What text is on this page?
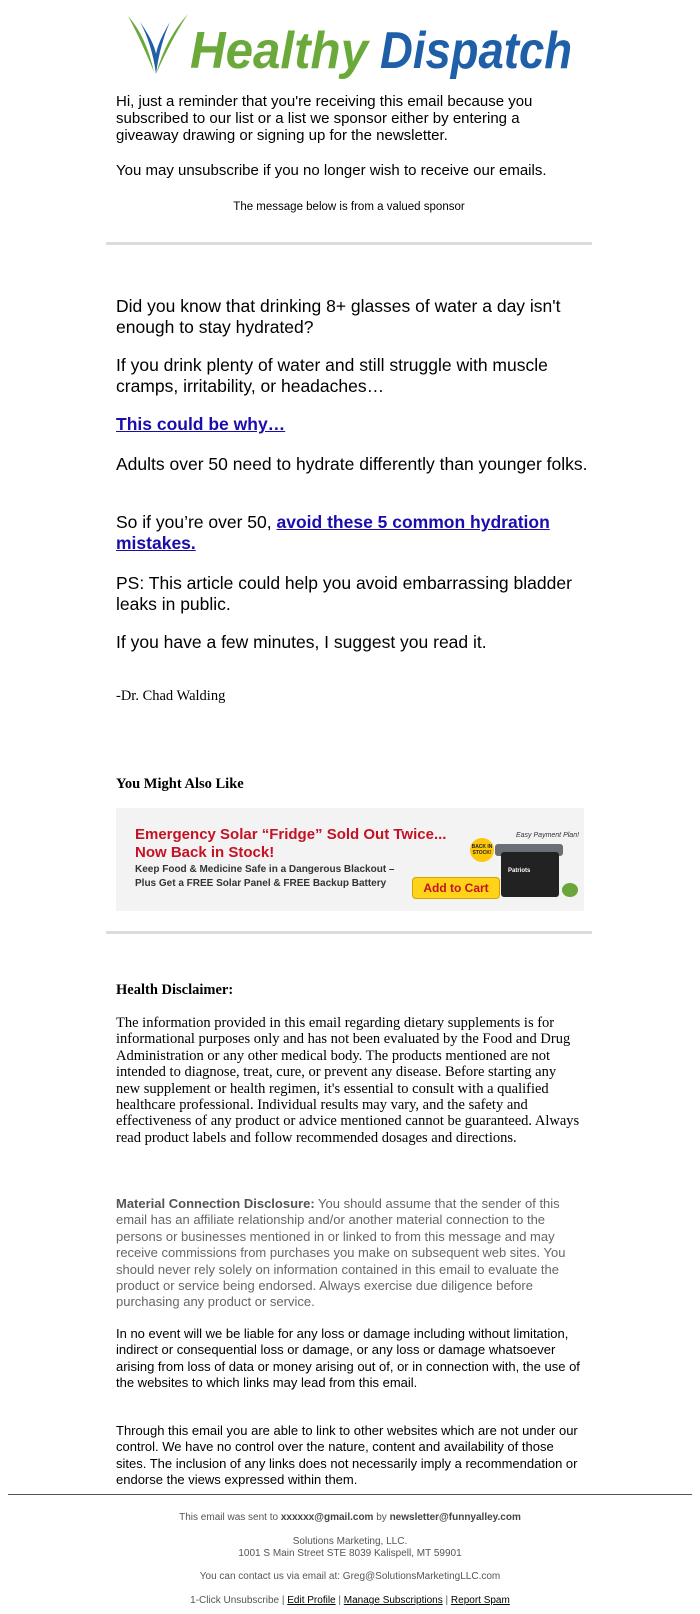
Healthy Dispatch

Hi, just a reminder that you're receiving this email because you subscribed to our list or a list we sponsor either by entering a giveaway drawing or signing up for the newsletter.

You may unsubscribe if you no longer wish to receive our emails.

The message below is from a valued sponsor

Did you know that drinking 8+ glasses of water a day isn't enough to stay hydrated?

If you drink plenty of water and still struggle with muscle cramps, irritability, or headaches…

This could be why…

Adults over 50 need to hydrate differently than younger folks.

So if you’re over 50, avoid these 5 common hydration mistakes.

PS: This article could help you avoid embarrassing bladder leaks in public.

If you have a few minutes, I suggest you read it.

-Dr. Chad Walding
You Might Also Like
Emergency Solar “Fridge” Sold Out Twice...
Now Back in Stock!
Keep Food & Medicine Safe in a Dangerous Blackout –
Plus Get a FREE Solar Panel & FREE Backup Battery
Easy Payment Plan!
Patriots
BACK IN STOCK!
Add to Cart
Health Disclaimer:

The information provided in this email regarding dietary supplements is for informational purposes only and has not been evaluated by the Food and Drug Administration or any other medical body. The products mentioned are not intended to diagnose, treat, cure, or prevent any disease. Before starting any new supplement or health regimen, it's essential to consult with a qualified healthcare professional. Individual results may vary, and the safety and effectiveness of any product or advice mentioned cannot be guaranteed. Always read product labels and follow recommended dosages and directions.

Material Connection Disclosure: You should assume that the sender of this email has an affiliate relationship and/or another material connection to the persons or businesses mentioned in or linked to from this message and may receive commissions from purchases you make on subsequent web sites. You should never rely solely on information contained in this email to evaluate the product or service being endorsed. Always exercise due diligence before purchasing any product or service.

In no event will we be liable for any loss or damage including without limitation, indirect or consequential loss or damage, or any loss or damage whatsoever arising from loss of data or money arising out of, or in connection with, the use of the websites to which links may lead from this email.

Through this email you are able to link to other websites which are not under our control. We have no control over the nature, content and availability of those sites. The inclusion of any links does not necessarily imply a recommendation or endorse the views expressed within them.

This email was sent to xxxxxx@gmail.com by newsletter@funnyalley.com
Solutions Marketing, LLC.
1001 S Main Street STE 8039 Kalispell, MT 59901
You can contact us via email at: Greg@SolutionsMarketingLLC.com
1-Click Unsubscribe | Edit Profile | Manage Subscriptions | Report Spam
